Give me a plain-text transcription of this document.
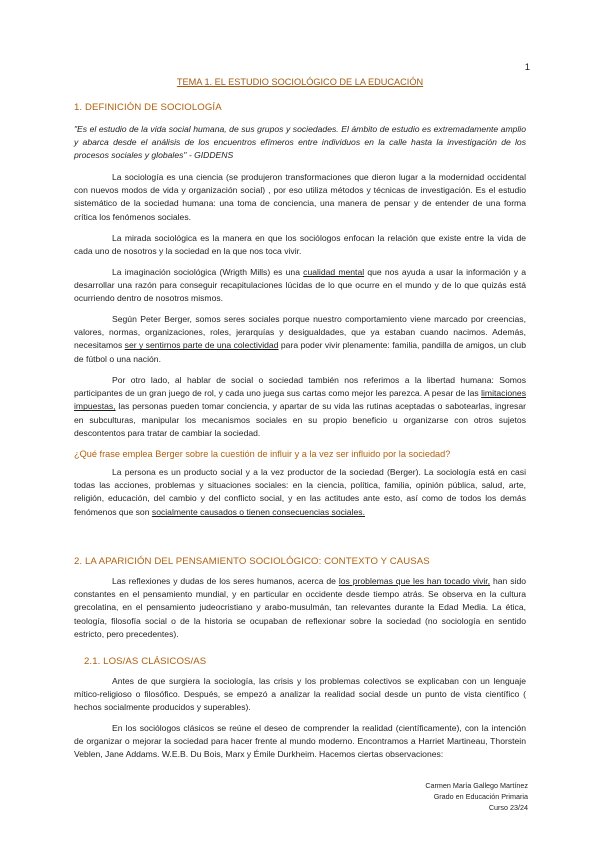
1
TEMA 1. EL ESTUDIO SOCIOLÓGICO DE LA EDUCACIÓN
1. DEFINICIÓN DE SOCIOLOGÍA

"Es el estudio de la vida social humana, de sus grupos y sociedades. El ámbito de estudio es extremadamente amplio y abarca desde el análisis de los encuentros efímeros entre individuos en la calle hasta la investigación de los procesos sociales y globales" - GIDDENS

La sociología es una ciencia (se produjeron transformaciones que dieron lugar a la modernidad occidental con nuevos modos de vida y organización social) , por eso utiliza métodos y técnicas de investigación. Es el estudio sistemático de la sociedad humana: una toma de conciencia, una manera de pensar y de entender de una forma crítica los fenómenos sociales.

La mirada sociológica es la manera en que los sociólogos enfocan la relación que existe entre la vida de cada uno de nosotros y la sociedad en la que nos toca vivir.

La imaginación sociológica (Wrigth Mills) es una cualidad mental que nos ayuda a usar la información y a desarrollar una razón para conseguir recapitulaciones lúcidas de lo que ocurre en el mundo y de lo que quizás está ocurriendo dentro de nosotros mismos.

Según Peter Berger, somos seres sociales porque nuestro comportamiento viene marcado por creencias, valores, normas, organizaciones, roles, jerarquías y desigualdades, que ya estaban cuando nacimos. Además, necesitamos ser y sentirnos parte de una colectividad para poder vivir plenamente: familia, pandilla de amigos, un club de fútbol o una nación.

Por otro lado, al hablar de social o sociedad también nos referimos a la libertad humana: Somos participantes de un gran juego de rol, y cada uno juega sus cartas como mejor les parezca. A pesar de las limitaciones impuestas, las personas pueden tomar conciencia, y apartar de su vida las rutinas aceptadas o sabotearlas, ingresar en subculturas, manipular los mecanismos sociales en su propio beneficio u organizarse con otros sujetos descontentos para tratar de cambiar la sociedad.

¿Qué frase emplea Berger sobre la cuestión de influir y a la vez ser influido por la sociedad?

La persona es un producto social y a la vez productor de la sociedad (Berger). La sociología está en casi todas las acciones, problemas y situaciones sociales: en la ciencia, política, familia, opinión pública, salud, arte, religión, educación, del cambio y del conflicto social, y en las actitudes ante esto, así como de todos los demás fenómenos que son socialmente causados o tienen consecuencias sociales.

2. LA APARICIÓN DEL PENSAMIENTO SOCIOLÓGICO: CONTEXTO Y CAUSAS

Las reflexiones y dudas de los seres humanos, acerca de los problemas que les han tocado vivir, han sido constantes en el pensamiento mundial, y en particular en occidente desde tiempo atrás. Se observa en la cultura grecolatina, en el pensamiento judeocristiano y arabo-musulmán, tan relevantes durante la Edad Media. La ética, teología, filosofía social o de la historia se ocupaban de reflexionar sobre la sociedad (no sociología en sentido estricto, pero precedentes).

2.1. LOS/AS CLÁSICOS/AS

Antes de que surgiera la sociología, las crisis y los problemas colectivos se explicaban con un lenguaje mítico-religioso o filosófico. Después, se empezó a analizar la realidad social desde un punto de vista científico ( hechos socialmente producidos y superables).

En los sociólogos clásicos se reúne el deseo de comprender la realidad (científicamente), con la intención de organizar o mejorar la sociedad para hacer frente al mundo moderno. Encontramos a Harriet Martineau, Thorstein Veblen, Jane Addams. W.E.B. Du Bois, Marx y Émile Durkheim. Hacemos ciertas observaciones:

Carmen María Gallego Martínez
Grado en Educación Primaria
Curso 23/24
